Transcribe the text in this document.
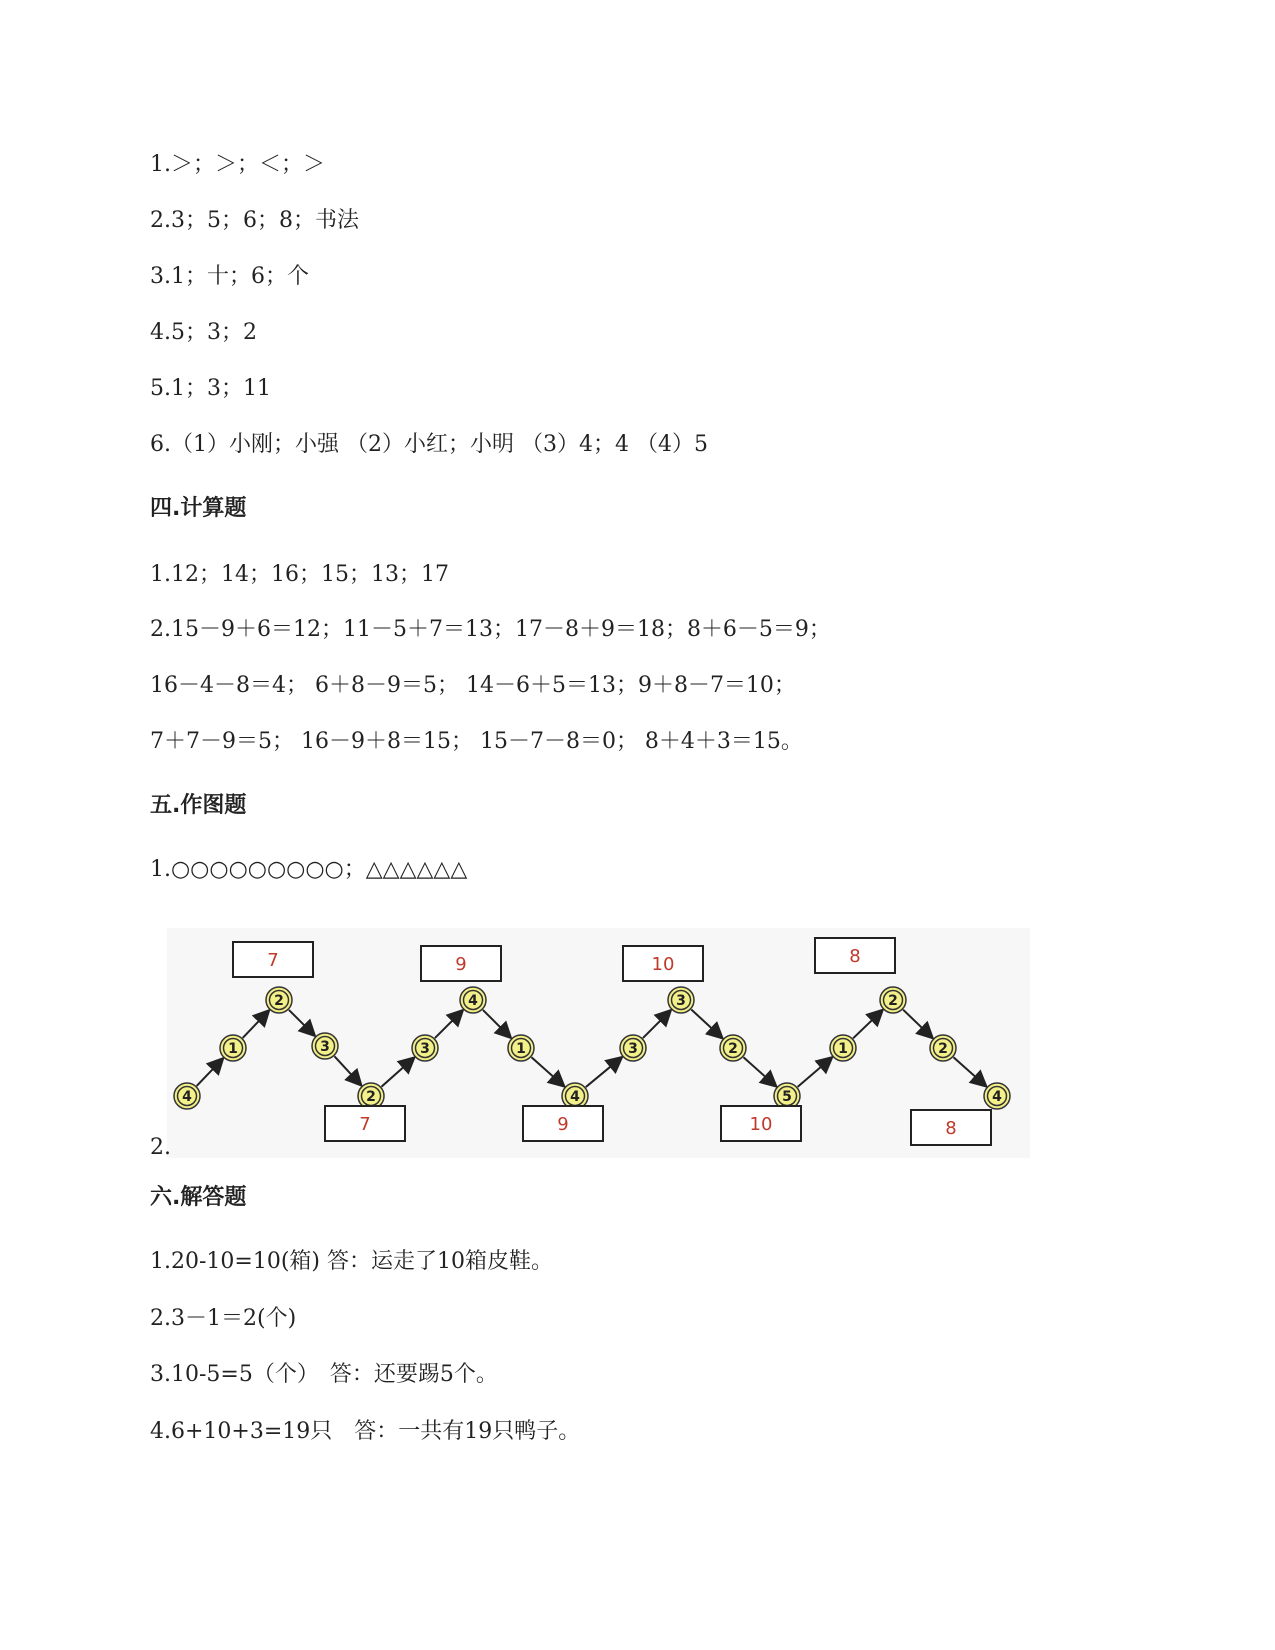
1.＞；＞；＜；＞
2.3；5；6；8；书法
3.1；十；6；个
4.5；3；2
5.1；3；11
6.（1）小刚；小强 （2）小红；小明 （3）4；4 （4）5
四.计算题
1.12；14；16；15；13；17
2.15－9＋6＝12；11－5＋7＝13；17－8＋9＝18；8＋6－5＝9；
16－4－8＝4； 6＋8－9＝5； 14－6＋5＝13；9＋8－7＝10；
7＋7－9＝5； 16－9＋8＝15； 15－7－8＝0； 8＋4＋3＝15。
五.作图题
1.○○○○○○○○○；△△△△△△
4
1
2
3
2
3
4
1
4
3
3
2
5
1
2
2
4
7	9	10	8
7	9	10	8
2.
六.解答题
1.20-10=10(箱) 答：运走了10箱皮鞋。
2.3－1＝2(个)
3.10-5=5（个）　答：还要踢5个。
4.6+10+3=19只　答：一共有19只鸭子。
